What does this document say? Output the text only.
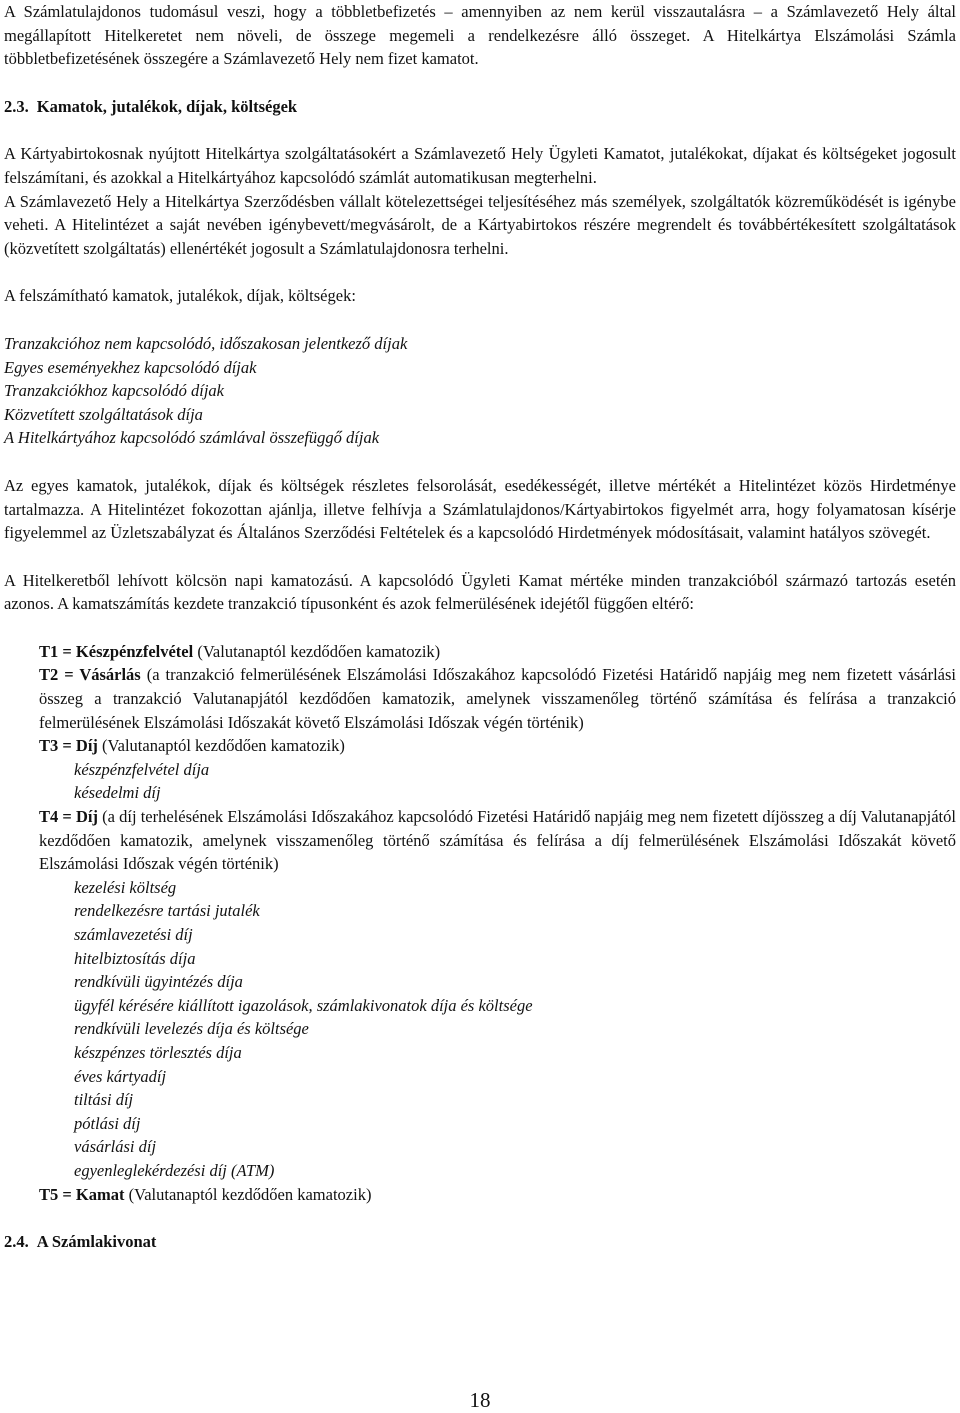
A Számlatulajdonos tudomásul veszi, hogy a többletbefizetés – amennyiben az nem kerül visszautalásra – a Számlavezető Hely által megállapított Hitelkeretet nem növeli, de összege megemeli a rendelkezésre álló összeget. A Hitelkártya Elszámolási Számla többletbefizetésének összegére a Számlavezető Hely nem fizet kamatot.

2.3. Kamatok, jutalékok, díjak, költségek

A Kártyabirtokosnak nyújtott Hitelkártya szolgáltatásokért a Számlavezető Hely Ügyleti Kamatot, jutalékokat, díjakat és költségeket jogosult felszámítani, és azokkal a Hitelkártyához kapcsolódó számlát automatikusan megterhelni.

A Számlavezető Hely a Hitelkártya Szerződésben vállalt kötelezettségei teljesítéséhez más személyek, szolgáltatók közreműködését is igénybe veheti. A Hitelintézet a saját nevében igénybevett/megvásárolt, de a Kártyabirtokos részére megrendelt és továbbértékesített szolgáltatások (közvetített szolgáltatás) ellenértékét jogosult a Számlatulajdonosra terhelni.

A felszámítható kamatok, jutalékok, díjak, költségek:

Tranzakcióhoz nem kapcsolódó, időszakosan jelentkező díjak

Egyes eseményekhez kapcsolódó díjak

Tranzakciókhoz kapcsolódó díjak

Közvetített szolgáltatások díja

A Hitelkártyához kapcsolódó számlával összefüggő díjak

Az egyes kamatok, jutalékok, díjak és költségek részletes felsorolását, esedékességét, illetve mértékét a Hitelintézet közös Hirdetménye tartalmazza. A Hitelintézet fokozottan ajánlja, illetve felhívja a Számlatulajdonos/Kártyabirtokos figyelmét arra, hogy folyamatosan kísérje figyelemmel az Üzletszabályzat és Általános Szerződési Feltételek és a kapcsolódó Hirdetmények módosításait, valamint hatályos szövegét.

A Hitelkeretből lehívott kölcsön napi kamatozású. A kapcsolódó Ügyleti Kamat mértéke minden tranzakcióból származó tartozás esetén azonos. A kamatszámítás kezdete tranzakció típusonként és azok felmerülésének idejétől függően eltérő:

T1 = Készpénzfelvétel (Valutanaptól kezdődően kamatozik)

T2 = Vásárlás (a tranzakció felmerülésének Elszámolási Időszakához kapcsolódó Fizetési Határidő napjáig meg nem fizetett vásárlási összeg a tranzakció Valutanapjától kezdődően kamatozik, amelynek visszamenőleg történő számítása és felírása a tranzakció felmerülésének Elszámolási Időszakát követő Elszámolási Időszak végén történik)

T3 = Díj (Valutanaptól kezdődően kamatozik)

készpénzfelvétel díja

késedelmi díj

T4 = Díj (a díj terhelésének Elszámolási Időszakához kapcsolódó Fizetési Határidő napjáig meg nem fizetett díjösszeg a díj Valutanapjától kezdődően kamatozik, amelynek visszamenőleg történő számítása és felírása a díj felmerülésének Elszámolási Időszakát követő Elszámolási Időszak végén történik)

kezelési költség

rendelkezésre tartási jutalék

számlavezetési díj

hitelbiztosítás díja

rendkívüli ügyintézés díja

ügyfél kérésére kiállított igazolások, számlakivonatok díja és költsége

rendkívüli levelezés díja és költsége

készpénzes törlesztés díja

éves kártyadíj

tiltási díj

pótlási díj

vásárlási díj

egyenleglekérdezési díj (ATM)

T5 = Kamat (Valutanaptól kezdődően kamatozik)

2.4. A Számlakivonat

18
